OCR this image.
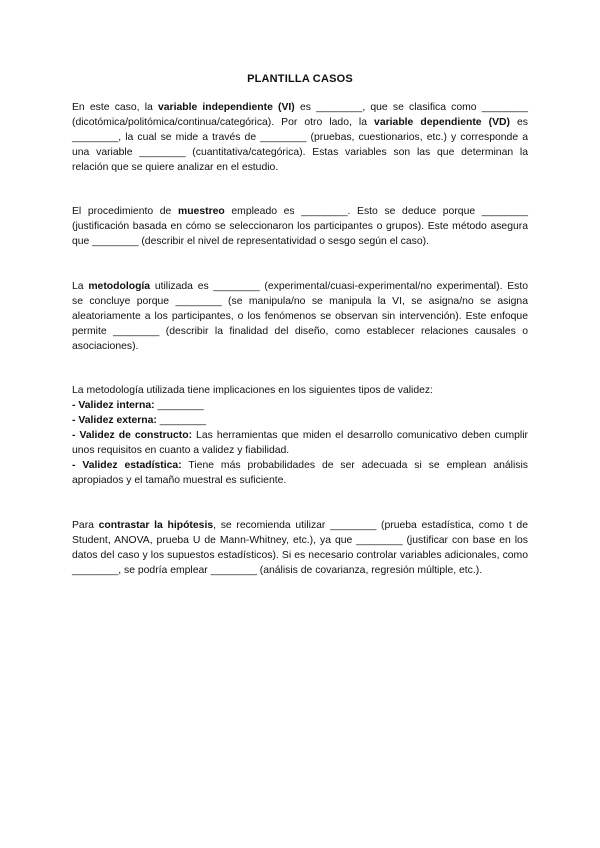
PLANTILLA CASOS

En este caso, la variable independiente (VI) es ________, que se clasifica como ________ (dicotómica/politómica/continua/categórica). Por otro lado, la variable dependiente (VD) es ________, la cual se mide a través de ________ (pruebas, cuestionarios, etc.) y corresponde a una variable ________ (cuantitativa/categórica). Estas variables son las que determinan la relación que se quiere analizar en el estudio.

El procedimiento de muestreo empleado es ________. Esto se deduce porque ________ (justificación basada en cómo se seleccionaron los participantes o grupos). Este método asegura que ________ (describir el nivel de representatividad o sesgo según el caso).

La metodología utilizada es ________ (experimental/cuasi-experimental/no experimental). Esto se concluye porque ________ (se manipula/no se manipula la VI, se asigna/no se asigna aleatoriamente a los participantes, o los fenómenos se observan sin intervención). Este enfoque permite ________ (describir la finalidad del diseño, como establecer relaciones causales o asociaciones).

La metodología utilizada tiene implicaciones en los siguientes tipos de validez:

- Validez interna: ________

- Validez externa: ________

- Validez de constructo: Las herramientas que miden el desarrollo comunicativo deben cumplir unos requisitos en cuanto a validez y fiabilidad.

- Validez estadística: Tiene más probabilidades de ser adecuada si se emplean análisis apropiados y el tamaño muestral es suficiente.

Para contrastar la hipótesis, se recomienda utilizar ________ (prueba estadística, como t de Student, ANOVA, prueba U de Mann-Whitney, etc.), ya que ________ (justificar con base en los datos del caso y los supuestos estadísticos). Si es necesario controlar variables adicionales, como ________, se podría emplear ________ (análisis de covarianza, regresión múltiple, etc.).
